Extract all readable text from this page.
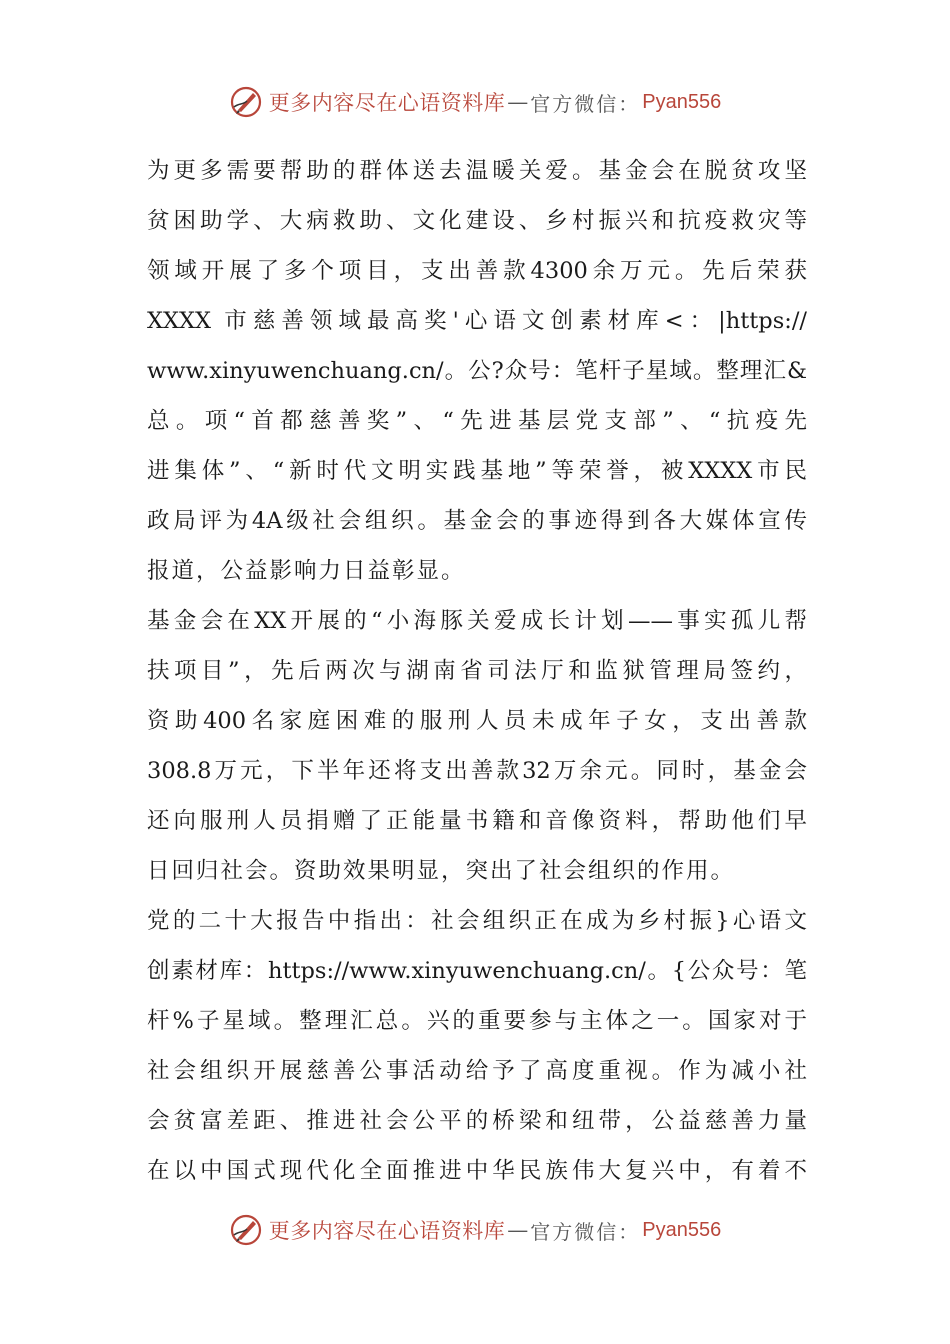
更多内容尽在心语资料库 — 官方微信： Pyan556
为更多需要帮助的群体送去温暖关爱。基金会在脱贫攻坚
贫困助学、大病救助、文化建设、乡村振兴和抗疫救灾等
领域开展了多个项目，支出善款4300余万元。先后荣获
XXXX 市慈善领域最高奖'心语文创素材库<：|https://
www.xinyuwenchuang.cn/。公?众号：笔杆子星域。整理汇&
总。项“首都慈善奖”、“先进基层党支部”、“抗疫先
进集体”、“新时代文明实践基地”等荣誉，被XXXX市民
政局评为4A级社会组织。基金会的事迹得到各大媒体宣传
报道，公益影响力日益彰显。
基金会在XX开展的“小海豚关爱成长计划——事实孤儿帮
扶项目”，先后两次与湖南省司法厅和监狱管理局签约，
资助400名家庭困难的服刑人员未成年子女，支出善款
308.8万元，下半年还将支出善款32万余元。同时，基金会
还向服刑人员捐赠了正能量书籍和音像资料，帮助他们早
日回归社会。资助效果明显，突出了社会组织的作用。
党的二十大报告中指出：社会组织正在成为乡村振}心语文
创素材库：https://www.xinyuwenchuang.cn/。{公众号：笔
杆%子星域。整理汇总。兴的重要参与主体之一。国家对于
社会组织开展慈善公事活动给予了高度重视。作为减小社
会贫富差距、推进社会公平的桥梁和纽带，公益慈善力量
在以中国式现代化全面推进中华民族伟大复兴中，有着不
更多内容尽在心语资料库 — 官方微信： Pyan556
